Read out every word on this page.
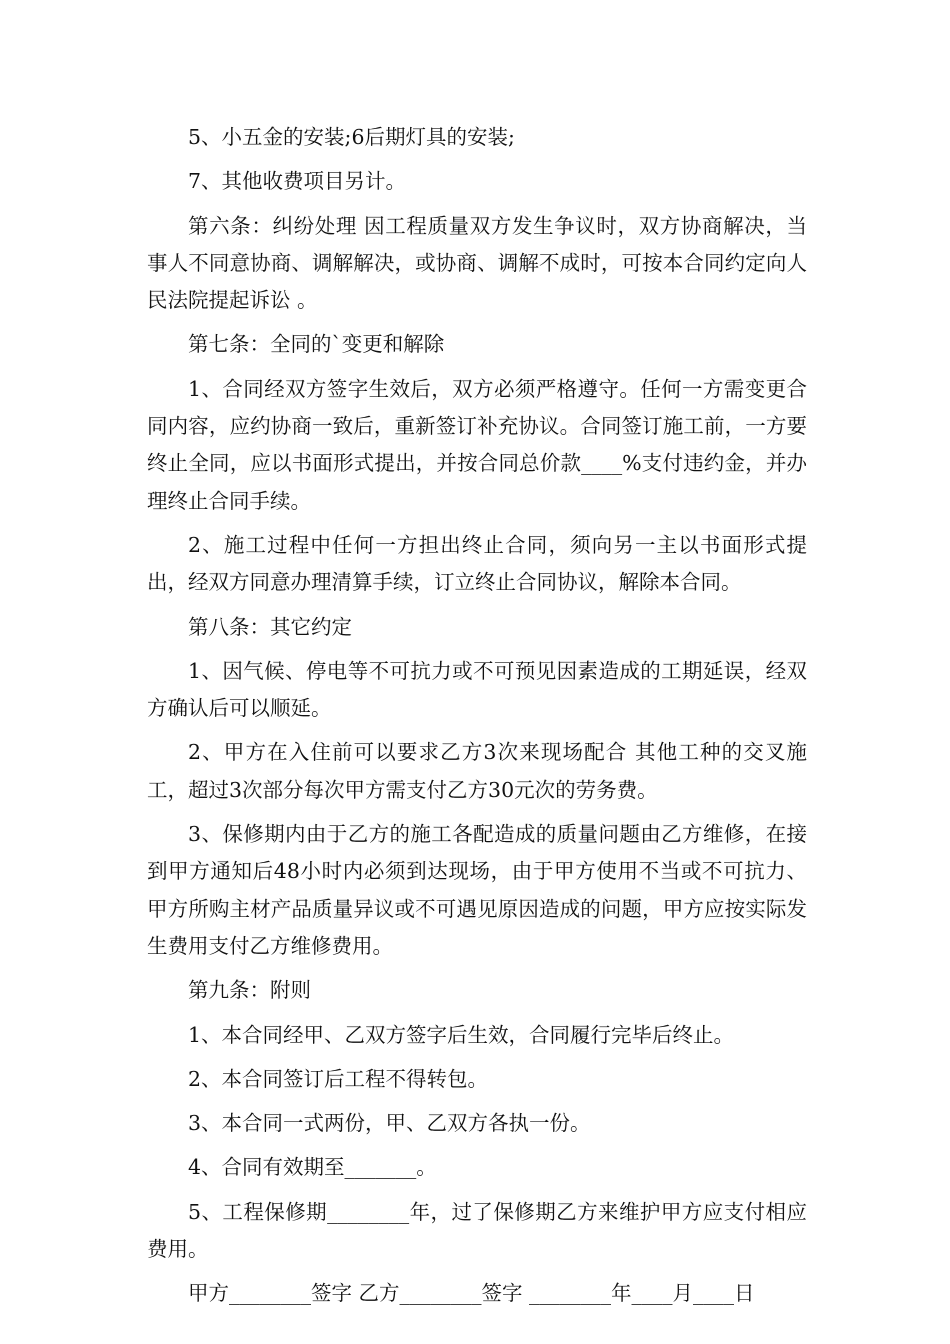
5、小五金的安装;6后期灯具的安装;

7、其他收费项目另计。

第六条：纠纷处理 因工程质量双方发生争议时，双方协商解决，当事人不同意协商、调解解决，或协商、调解不成时，可按本合同约定向人民法院提起诉讼 。

第七条：全同的`变更和解除

1、合同经双方签字生效后，双方必须严格遵守。任何一方需变更合同内容，应约协商一致后，重新签订补充协议。合同签订施工前，一方要终止全同，应以书面形式提出，并按合同总价款____%支付违约金，并办理终止合同手续。

2、施工过程中任何一方担出终止合同，须向另一主以书面形式提出，经双方同意办理清算手续，订立终止合同协议，解除本合同。

第八条：其它约定

1、因气候、停电等不可抗力或不可预见因素造成的工期延误，经双方确认后可以顺延。

2、甲方在入住前可以要求乙方3次来现场配合 其他工种的交叉施工，超过3次部分每次甲方需支付乙方30元次的劳务费。

3、保修期内由于乙方的施工各配造成的质量问题由乙方维修，在接到甲方通知后48小时内必须到达现场，由于甲方使用不当或不可抗力、甲方所购主材产品质量异议或不可遇见原因造成的问题，甲方应按实际发生费用支付乙方维修费用。

第九条：附则

1、本合同经甲、乙双方签字后生效，合同履行完毕后终止。

2、本合同签订后工程不得转包。

3、本合同一式两份，甲、乙双方各执一份。

4、合同有效期至_______。

5、工程保修期________年，过了保修期乙方来维护甲方应支付相应费用。

甲方________签字 乙方________签字 ________年____月____日
